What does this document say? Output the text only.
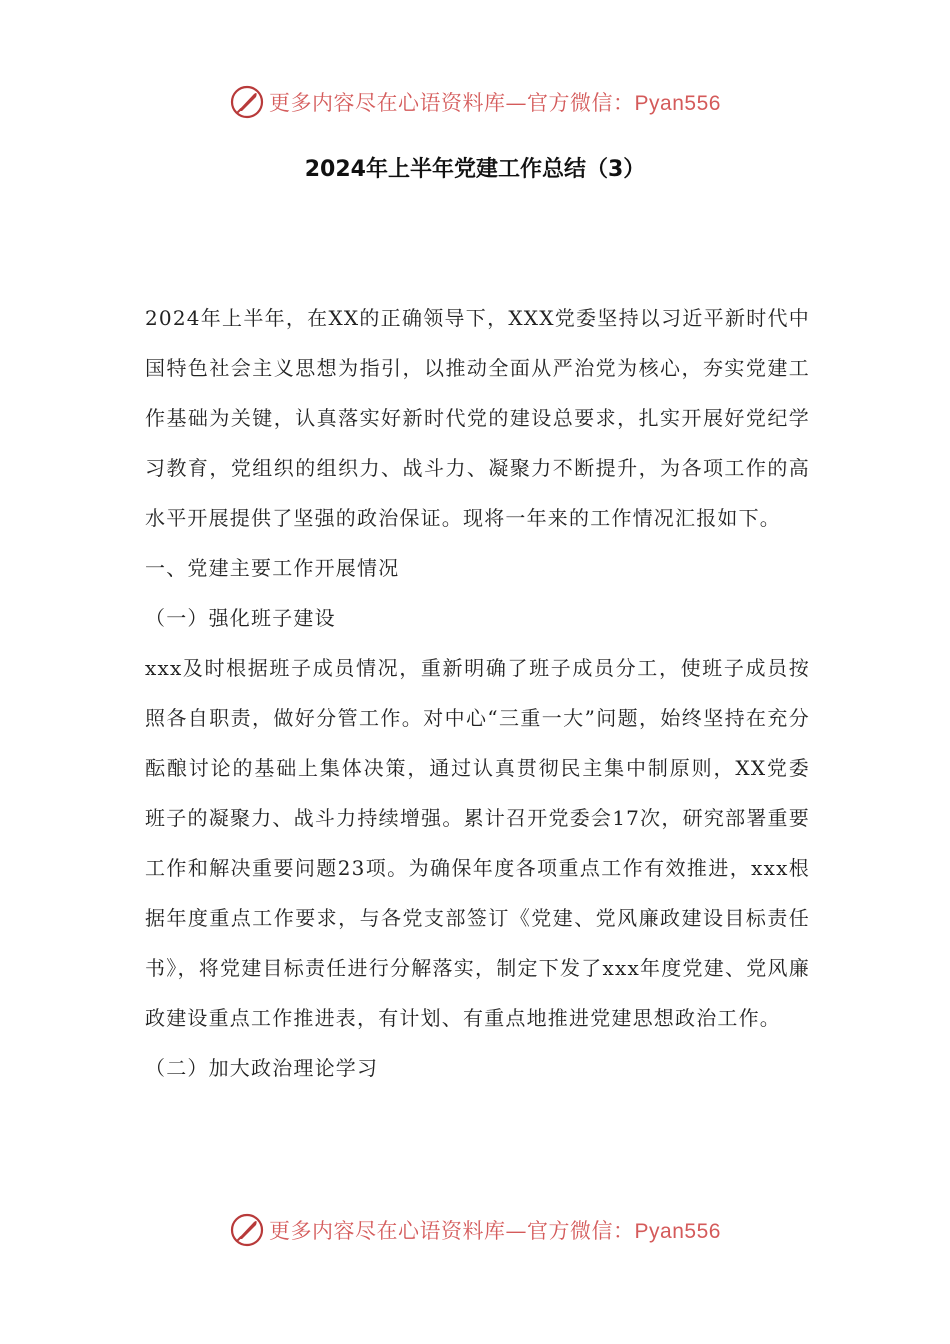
更多内容尽在心语资料库—官方微信：Pyan556
2024年上半年党建工作总结（3）

2024年上半年，在XX的正确领导下，XXX党委坚持以习近平新时代中国特色社会主义思想为指引，以推动全面从严治党为核心，夯实党建工作基础为关键，认真落实好新时代党的建设总要求，扎实开展好党纪学习教育，党组织的组织力、战斗力、凝聚力不断提升，为各项工作的高水平开展提供了坚强的政治保证。现将一年来的工作情况汇报如下。

一、党建主要工作开展情况

（一）强化班子建设

xxx及时根据班子成员情况，重新明确了班子成员分工，使班子成员按照各自职责，做好分管工作。对中心“三重一大”问题，始终坚持在充分酝酿讨论的基础上集体决策，通过认真贯彻民主集中制原则，XX党委班子的凝聚力、战斗力持续增强。累计召开党委会17次，研究部署重要工作和解决重要问题23项。为确保年度各项重点工作有效推进，xxx根据年度重点工作要求，与各党支部签订《党建、党风廉政建设目标责任书》，将党建目标责任进行分解落实，制定下发了xxx年度党建、党风廉政建设重点工作推进表，有计划、有重点地推进党建思想政治工作。

（二）加大政治理论学习

更多内容尽在心语资料库—官方微信：Pyan556
